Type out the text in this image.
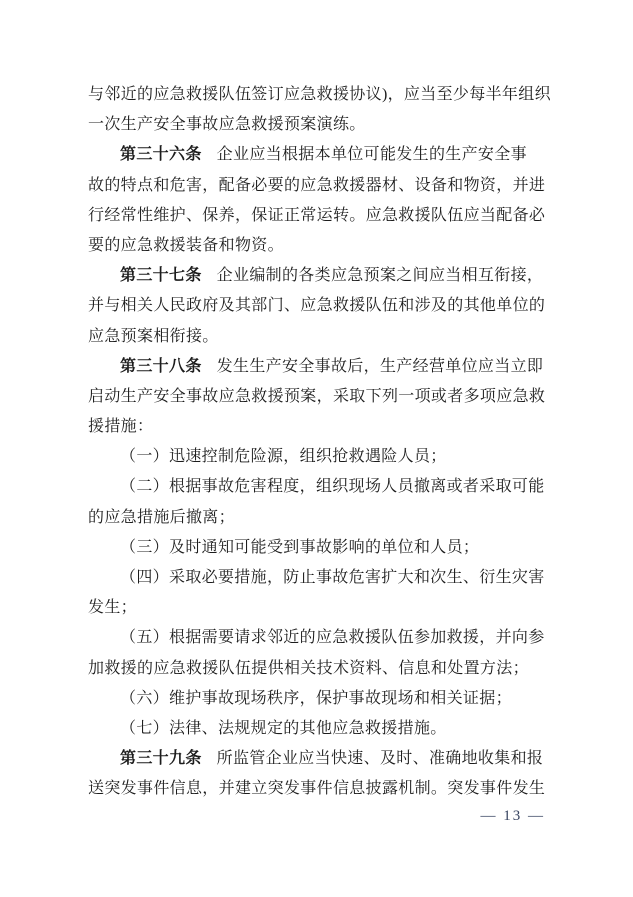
与邻近的应急救援队伍签订应急救援协议)，应当至少每半年组织
一次生产安全事故应急救援预案演练。
第三十六条 企业应当根据本单位可能发生的生产安全事
故的特点和危害，配备必要的应急救援器材、设备和物资，并进
行经常性维护、保养，保证正常运转。应急救援队伍应当配备必
要的应急救援装备和物资。
第三十七条 企业编制的各类应急预案之间应当相互衔接，
并与相关人民政府及其部门、应急救援队伍和涉及的其他单位的
应急预案相衔接。
第三十八条 发生生产安全事故后，生产经营单位应当立即
启动生产安全事故应急救援预案，采取下列一项或者多项应急救
援措施：
（一）迅速控制危险源，组织抢救遇险人员；
（二）根据事故危害程度，组织现场人员撤离或者采取可能
的应急措施后撤离；
（三）及时通知可能受到事故影响的单位和人员；
（四）采取必要措施，防止事故危害扩大和次生、衍生灾害
发生；
（五）根据需要请求邻近的应急救援队伍参加救援，并向参
加救援的应急救援队伍提供相关技术资料、信息和处置方法；
（六）维护事故现场秩序，保护事故现场和相关证据；
（七）法律、法规规定的其他应急救援措施。
第三十九条 所监管企业应当快速、及时、准确地收集和报
送突发事件信息，并建立突发事件信息披露机制。突发事件发生
— 13 —
